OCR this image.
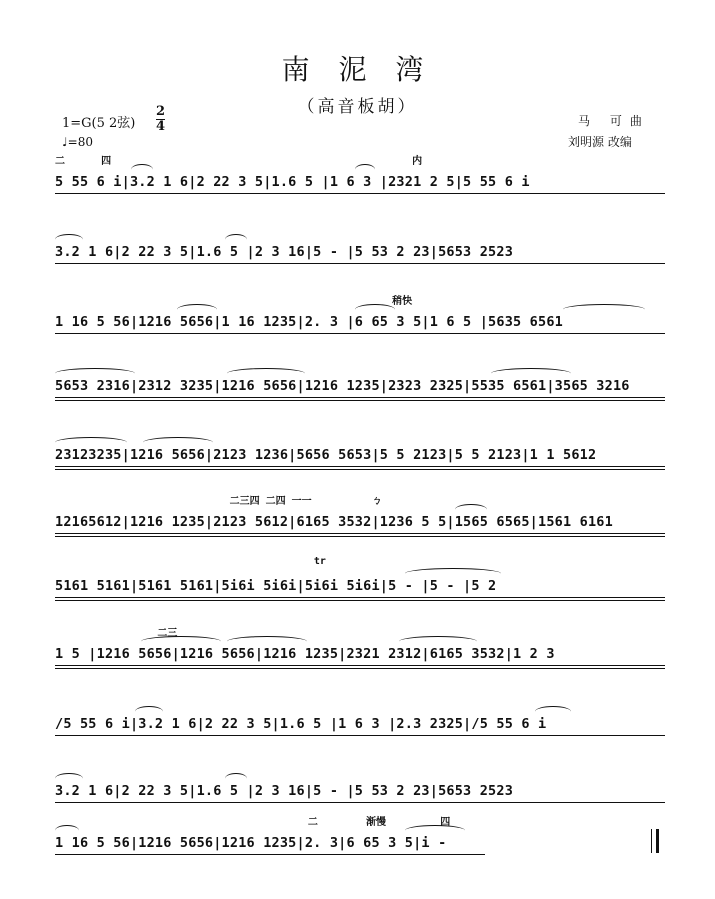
南 泥 湾
（高音板胡）
1=G(5 2弦)
2
4
♩=80
马 可曲
刘明源 改编
二      四                                                  内
5 55 6 i|3.2 1 6|2 22 3 5|1.6 5 |1 6 3 |2321 2 5|5 55 6 i
3.2 1 6|2 22 3 5|1.6 5 |2 3 16|5 - |5 53 2 23|5653 2523
稍快
1 16 5 56|1216 5656|1 16 1235|2. 3 |6 65 3 5|1 6 5 |5635 6561
5653 2316|2312 3235|1216 5656|1216 1235|2323 2325|5535 6561|3565 3216
23123235|1216 5656|2123 1236|5656 5653|5 5 2123|5 5 2123|1 1 5612
二三四 二四 一一          ㄅ
12165612|1216 1235|2123 5612|6165 3532|1236 5 5|1565 6565|1561 6161
tr
5161 5161|5161 5161|5i6i 5i6i|5i6i 5i6i|5 - |5 - |5 2
二三
1 5 |1216 5656|1216 5656|1216 1235|2321 2312|6165 3532|1 2 3
/5 55 6 i|3.2 1 6|2 22 3 5|1.6 5 |1 6 3 |2.3 2325|/5 55 6 i
3.2 1 6|2 22 3 5|1.6 5 |2 3 16|5 - |5 53 2 23|5653 2523
二        渐慢         四
1 16 5 56|1216 5656|1216 1235|2. 3|6 65 3 5|i -
